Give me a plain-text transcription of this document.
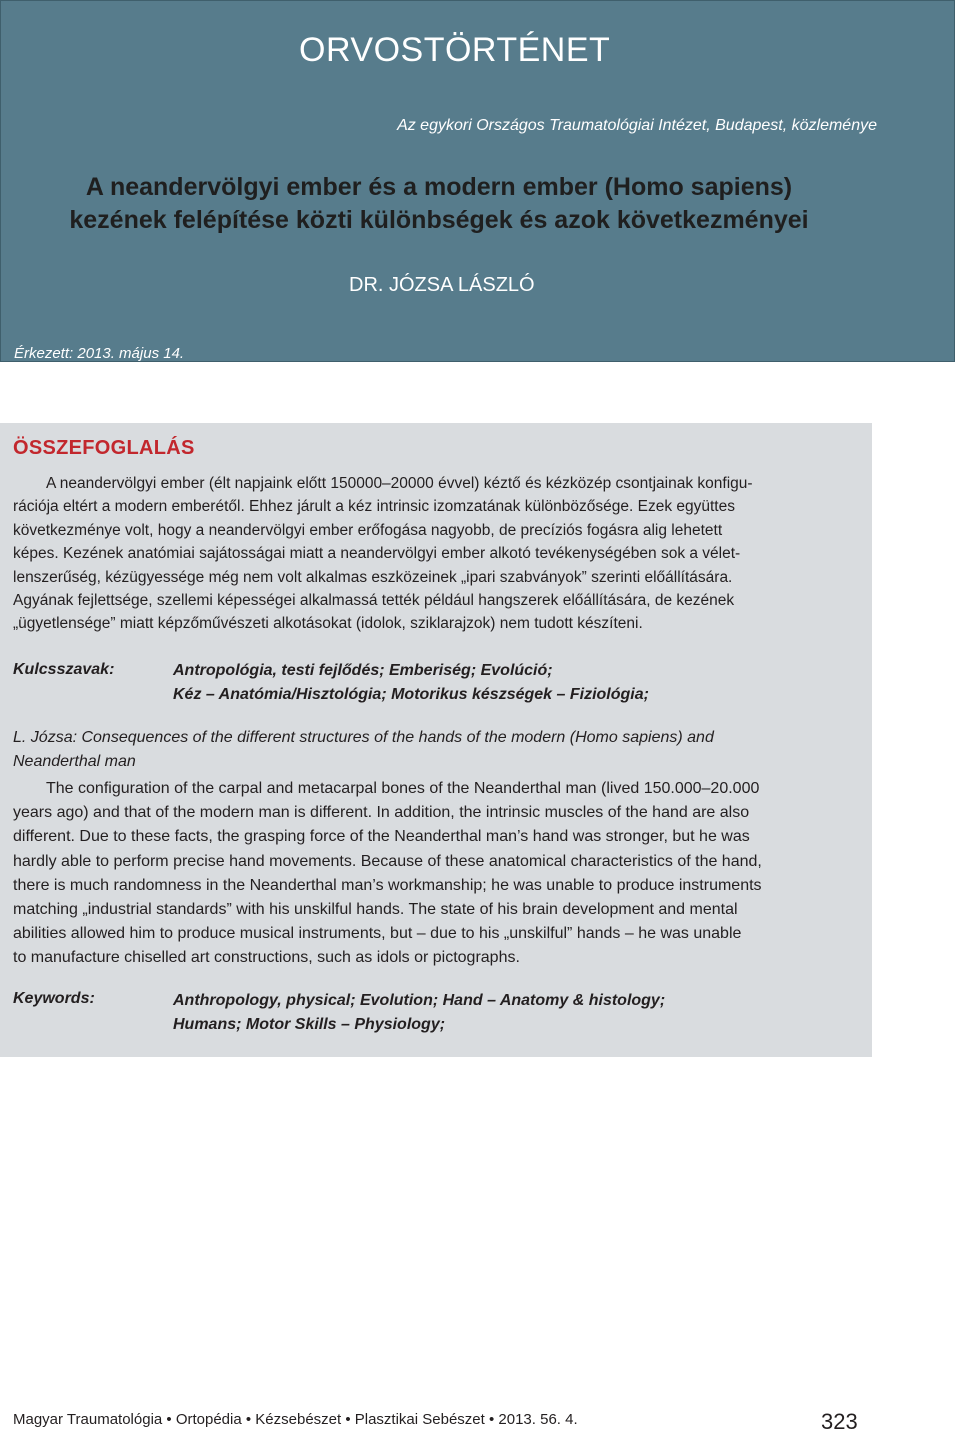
ORVOSTÖRTÉNET
Az egykori Országos Traumatológiai Intézet, Budapest, közleménye
A neandervölgyi ember és a modern ember (Homo sapiens)
kezének felépítése közti különbségek és azok következményei
DR. JÓZSA LÁSZLÓ
Érkezett: 2013. május 14.
ÖSSZEFOGLALÁS
A neandervölgyi ember (élt napjaink előtt 150000–20000 évvel) kéztő és kézközép csontjainak konfigu-
rációja eltért a modern emberétől. Ehhez járult a kéz intrinsic izomzatának különbözősége. Ezek együttes
következménye volt, hogy a neandervölgyi ember erőfogása nagyobb, de precíziós fogásra alig lehetett
képes. Kezének anatómiai sajátosságai miatt a neandervölgyi ember alkotó tevékenységében sok a vélet-
lenszerűség, kézügyessége még nem volt alkalmas eszközeinek „ipari szabványok” szerinti előállítására.
Agyának fejlettsége, szellemi képességei alkalmassá tették például hangszerek előállítására, de kezének
„ügyetlensége” miatt képzőművészeti alkotásokat (idolok, sziklarajzok) nem tudott készíteni.
Kulcsszavak:	Antropológia, testi fejlődés; Emberiség; Evolúció;
Kéz – Anatómia/Hisztológia; Motorikus készségek – Fiziológia;
L. Józsa: Consequences of the different structures of the hands of the modern (Homo sapiens) and
Neanderthal man
The configuration of the carpal and metacarpal bones of the Neanderthal man (lived 150.000–20.000
years ago) and that of the modern man is different. In addition, the intrinsic muscles of the hand are also
different. Due to these facts, the grasping force of the Neanderthal man’s hand was stronger, but he was
hardly able to perform precise hand movements. Because of these anatomical characteristics of the hand,
there is much randomness in the Neanderthal man’s workmanship; he was unable to produce instruments
matching „industrial standards” with his unskilful hands. The state of his brain development and mental
abilities allowed him to produce musical instruments, but – due to his „unskilful” hands – he was unable
to manufacture chiselled art constructions, such as idols or pictographs.
Keywords:	Anthropology, physical; Evolution; Hand – Anatomy & histology;
Humans; Motor Skills – Physiology;
Magyar Traumatológia • Ortopédia • Kézsebészet • Plasztikai Sebészet • 2013. 56. 4.	323
